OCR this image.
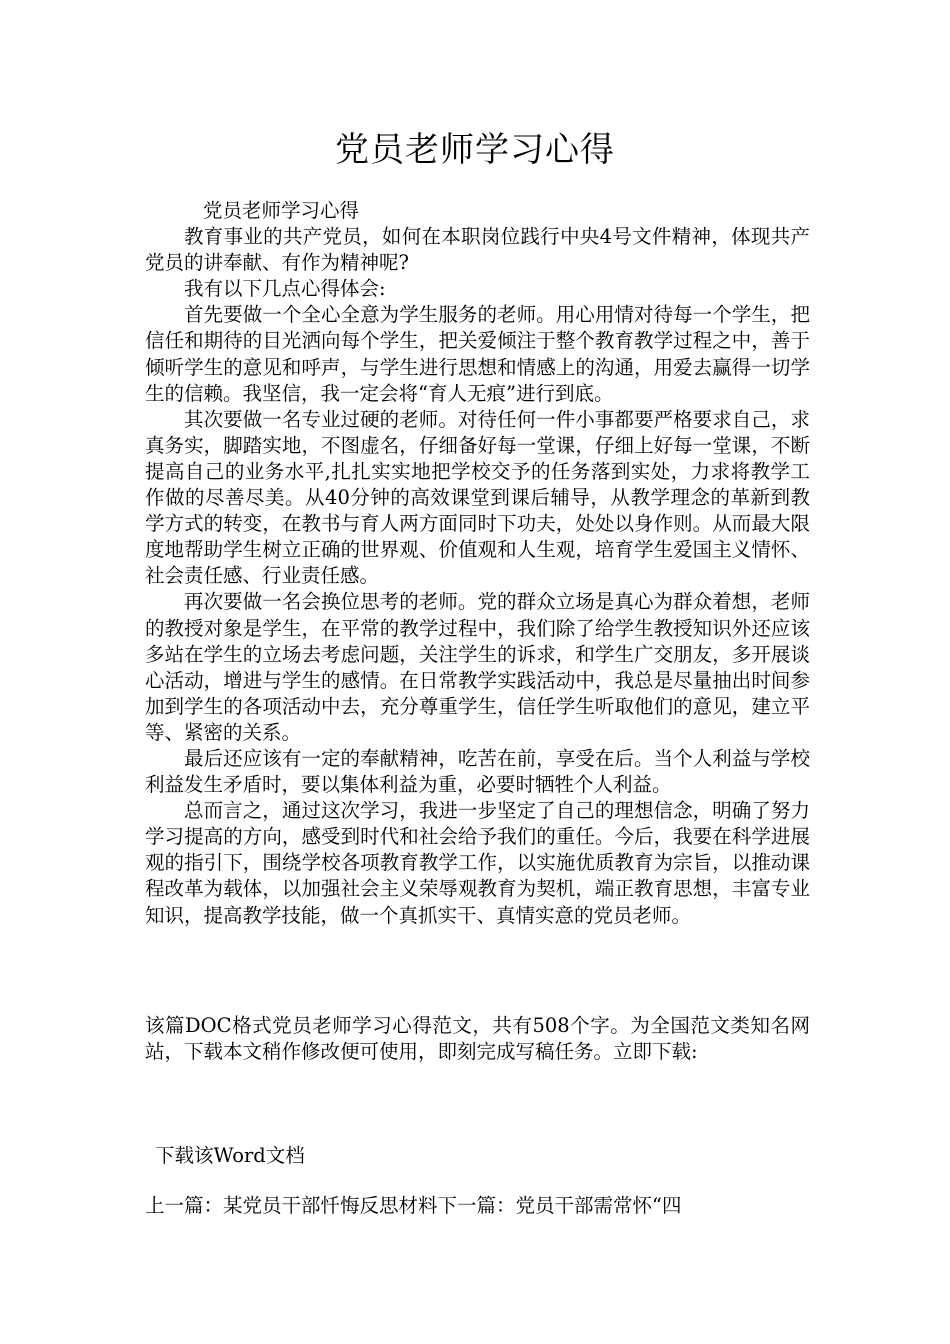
党员老师学习心得

党员老师学习心得

教育事业的共产党员，如何在本职岗位践行中央4号文件精神，体现共产党员的讲奉献、有作为精神呢?

我有以下几点心得体会:

首先要做一个全心全意为学生服务的老师。用心用情对待每一个学生，把信任和期待的目光洒向每个学生，把关爱倾注于整个教育教学过程之中，善于倾听学生的意见和呼声，与学生进行思想和情感上的沟通，用爱去赢得一切学生的信赖。我坚信，我一定会将“育人无痕”进行到底。

其次要做一名专业过硬的老师。对待任何一件小事都要严格要求自己，求真务实，脚踏实地，不图虚名，仔细备好每一堂课，仔细上好每一堂课，不断提高自己的业务水平,扎扎实实地把学校交予的任务落到实处，力求将教学工作做的尽善尽美。从40分钟的高效课堂到课后辅导，从教学理念的革新到教学方式的转变，在教书与育人两方面同时下功夫，处处以身作则。从而最大限度地帮助学生树立正确的世界观、价值观和人生观，培育学生爱国主义情怀、社会责任感、行业责任感。

再次要做一名会换位思考的老师。党的群众立场是真心为群众着想，老师的教授对象是学生，在平常的教学过程中，我们除了给学生教授知识外还应该多站在学生的立场去考虑问题，关注学生的诉求，和学生广交朋友，多开展谈心活动，增进与学生的感情。在日常教学实践活动中，我总是尽量抽出时间参加到学生的各项活动中去，充分尊重学生，信任学生听取他们的意见，建立平等、紧密的关系。

最后还应该有一定的奉献精神，吃苦在前，享受在后。当个人利益与学校利益发生矛盾时，要以集体利益为重，必要时牺牲个人利益。

总而言之，通过这次学习，我进一步坚定了自己的理想信念，明确了努力学习提高的方向，感受到时代和社会给予我们的重任。今后，我要在科学进展观的指引下，围绕学校各项教育教学工作，以实施优质教育为宗旨，以推动课程改革为载体，以加强社会主义荣辱观教育为契机，端正教育思想，丰富专业知识，提高教学技能，做一个真抓实干、真情实意的党员老师。

该篇DOC格式党员老师学习心得范文，共有508个字。为全国范文类知名网站，下载本文稍作修改便可使用，即刻完成写稿任务。立即下载:

下载该Word文档
上一篇：某党员干部忏悔反思材料下一篇：党员干部需常怀“四
